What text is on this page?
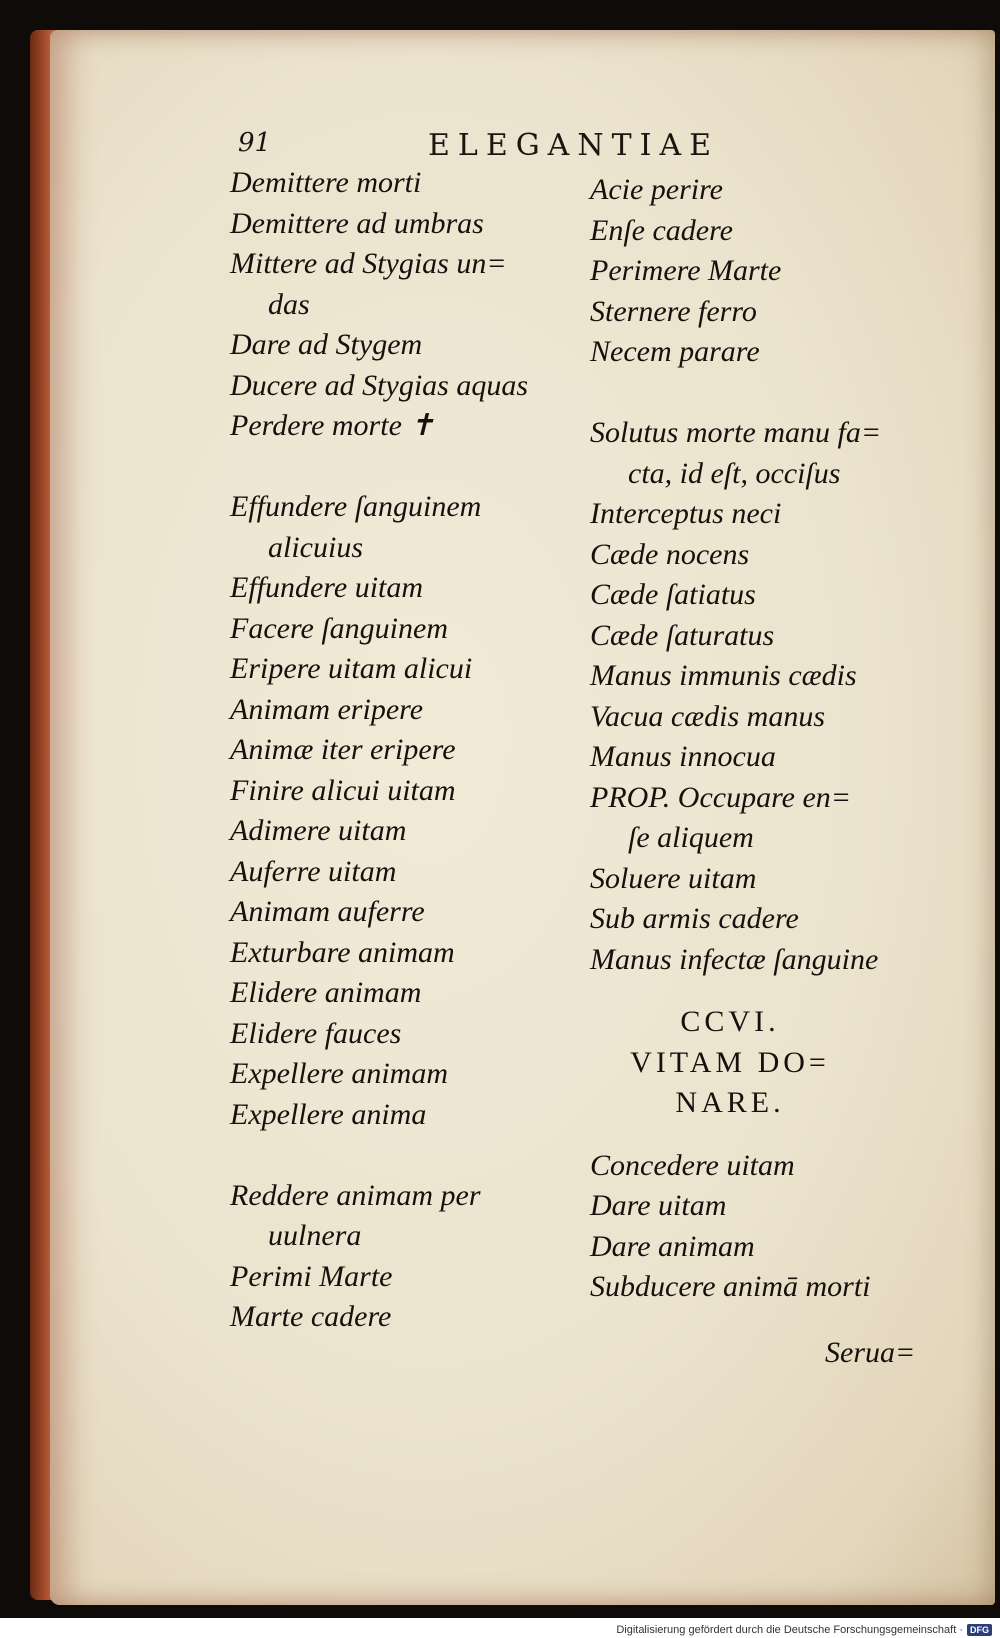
91	ELEGANTIAE
Demittere morti
Demittere ad umbras
Mittere ad Stygias un=
das
Dare ad Stygem
Ducere ad Stygias aquas
Perdere morte ✝
Effundere ſanguinem
alicuius
Effundere uitam
Facere ſanguinem
Eripere uitam alicui
Animam eripere
Animæ iter eripere
Finire alicui uitam
Adimere uitam
Auferre uitam
Animam auferre
Exturbare animam
Elidere animam
Elidere fauces
Expellere animam
Expellere anima
Reddere animam per
uulnera
Perimi Marte
Marte cadere
Acie perire
Enſe cadere
Perimere Marte
Sternere ferro
Necem parare
Solutus morte manu fa=
cta, id eſt, occiſus
Interceptus neci
Cæde nocens
Cæde ſatiatus
Cæde ſaturatus
Manus immunis cædis
Vacua cædis manus
Manus innocua
PROP. Occupare en=
ſe aliquem
Soluere uitam
Sub armis cadere
Manus infectæ ſanguine
CCVI.
VITAM DO=
NARE.
Concedere uitam
Dare uitam
Dare animam
Subducere animā morti
Serua=
Digitalisierung gefördert durch die Deutsche Forschungsgemeinschaft · DFG
